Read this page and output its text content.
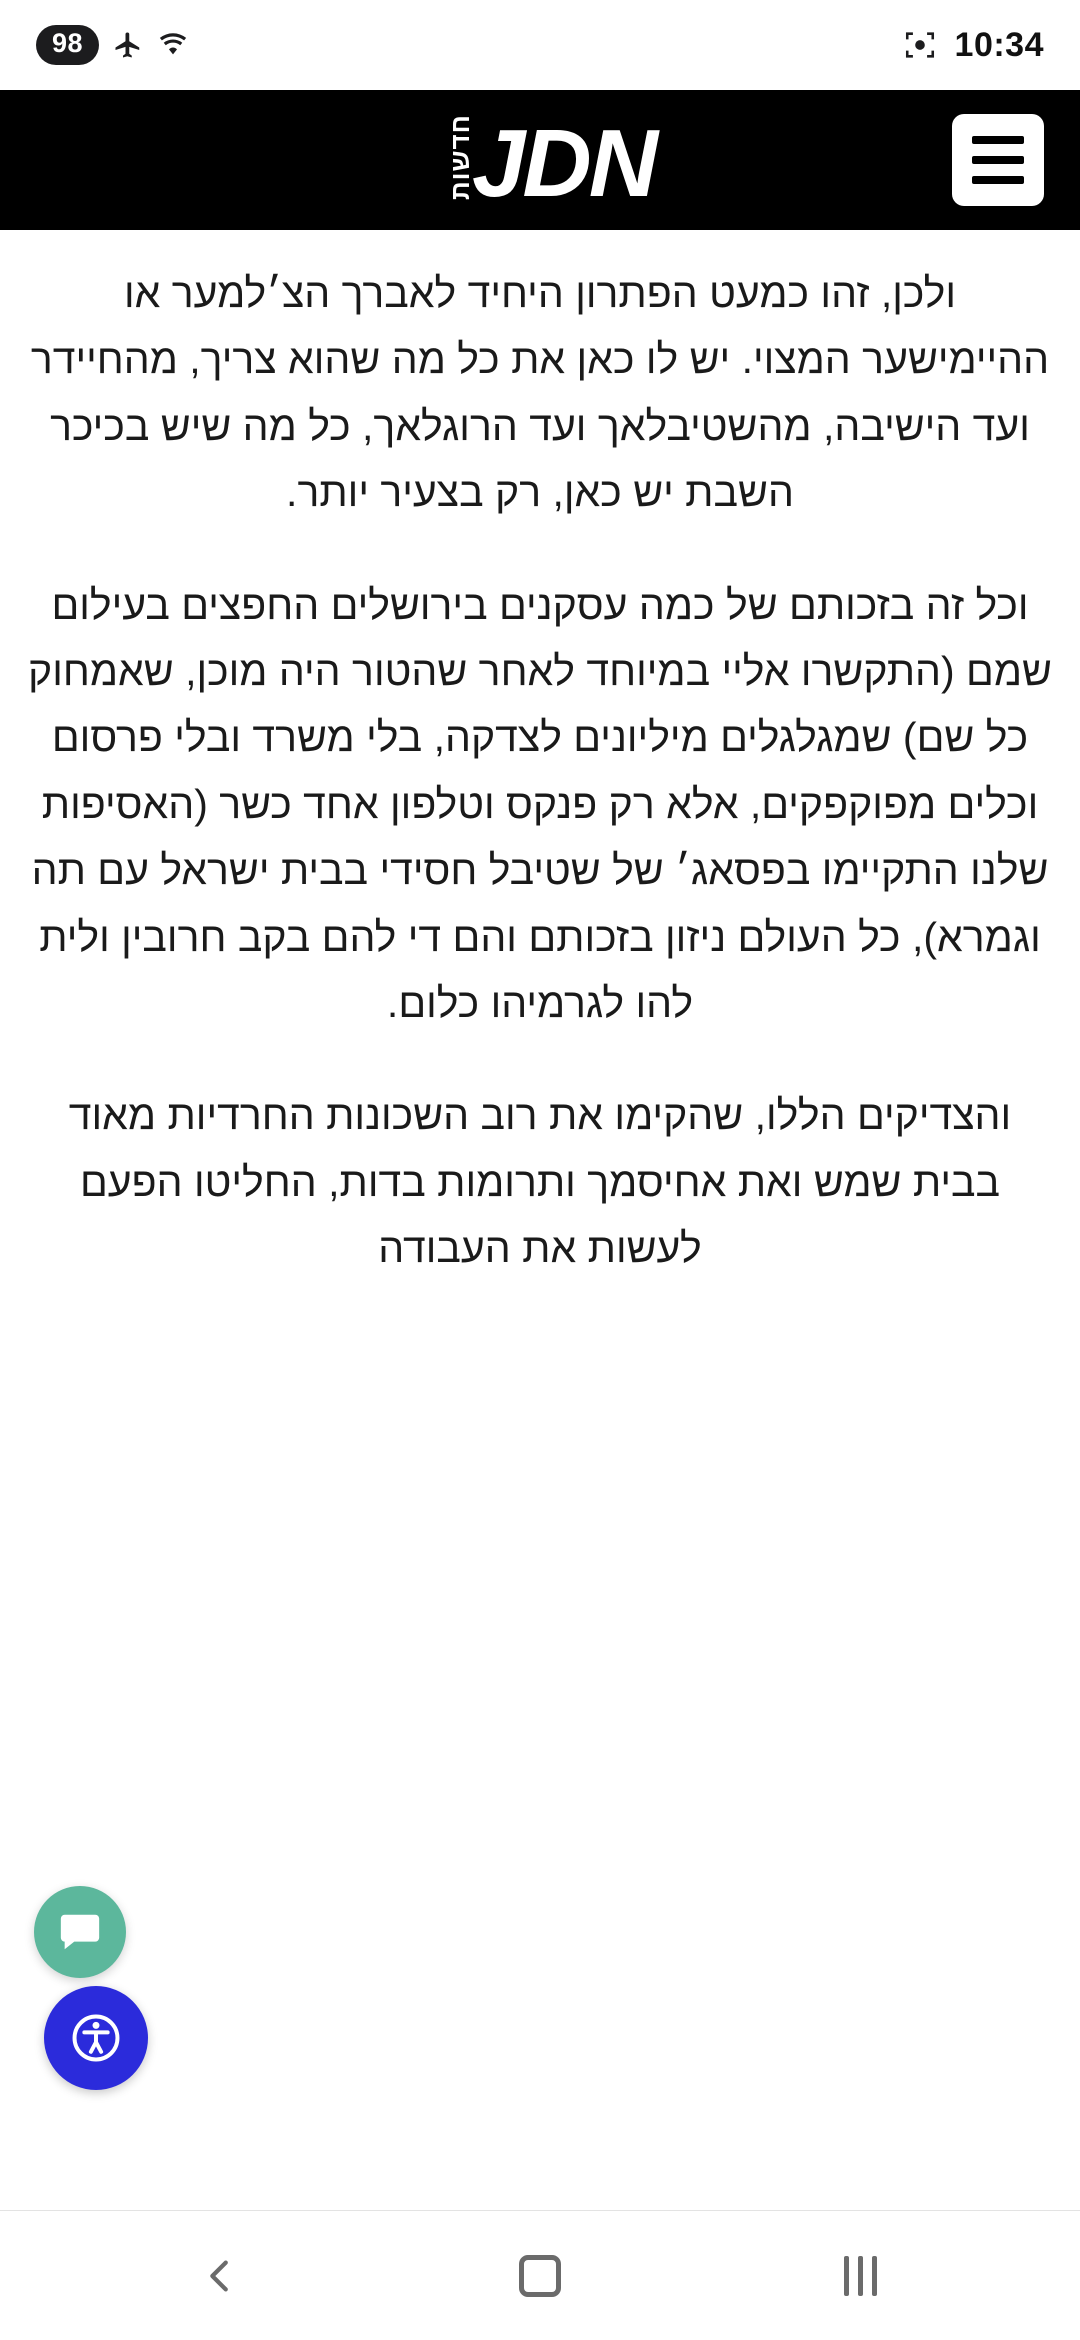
98	10:34
JDN
חדשות

ולכן, זהו כמעט הפתרון היחיד לאברך הצ׳למער או ההיימישער המצוי. יש לו כאן את כל מה שהוא צריך, מהחיידר ועד הישיבה, מהשטיבלאך ועד הרוגלאך, כל מה שיש בכיכר השבת יש כאן, רק בצעיר יותר.

וכל זה בזכותם של כמה עסקנים בירושלים החפצים בעילום שמם (התקשרו אליי במיוחד לאחר שהטור היה מוכן, שאמחוק כל שם) שמגלגלים מיליונים לצדקה, בלי משרד ובלי פרסום וכלים מפוקפקים, אלא רק פנקס וטלפון אחד כשר (האסיפות שלנו התקיימו בפסאג׳ של שטיבל חסידי בבית ישראל עם תה וגמרא), כל העולם ניזון בזכותם והם די להם בקב חרובין ולית להו לגרמיהו כלום.

והצדיקים הללו, שהקימו את רוב השכונות החרדיות מאוד בבית שמש ואת אחיסמך ותרומות בדות, החליטו הפעם לעשות את העבודה
